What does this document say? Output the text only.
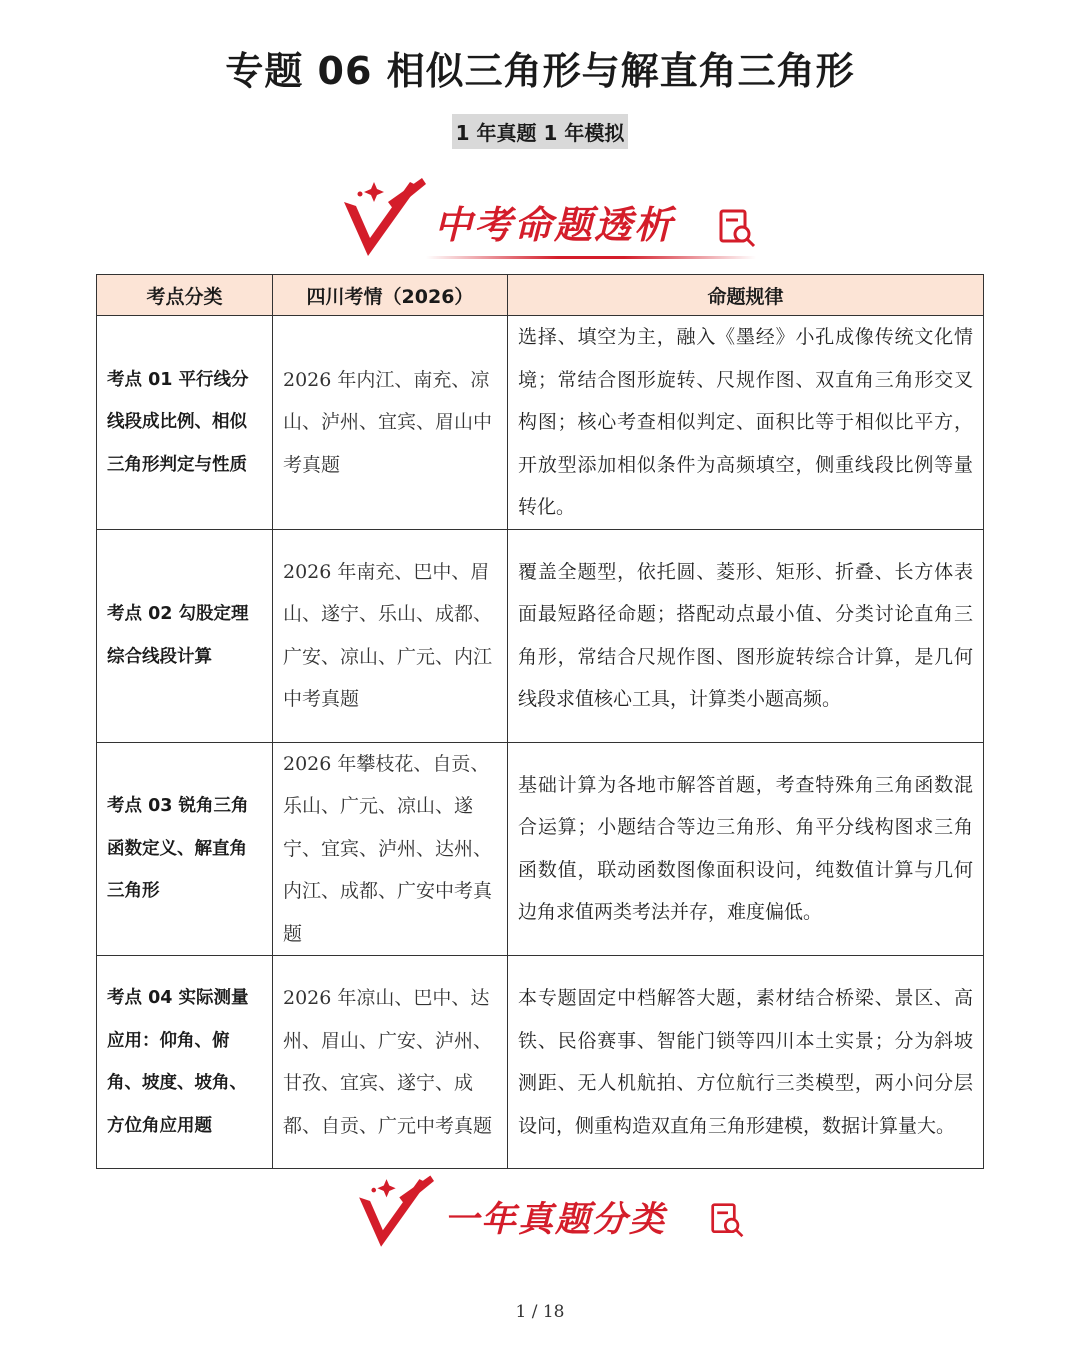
专题 06 相似三角形与解直角三角形
1 年真题 1 年模拟
中考命题透析
考点分类	四川考情（2026）	命题规律
考点 01 平行线分线段成比例、相似三角形判定与性质	2026 年内江、南充、凉山、泸州、宜宾、眉山中考真题	选择、填空为主，融入《墨经》小孔成像传统文化情境；常结合图形旋转、尺规作图、双直角三角形交叉构图；核心考查相似判定、面积比等于相似比平方，开放型添加相似条件为高频填空，侧重线段比例等量转化。
考点 02 勾股定理综合线段计算	2026 年南充、巴中、眉山、遂宁、乐山、成都、广安、凉山、广元、内江中考真题	覆盖全题型，依托圆、菱形、矩形、折叠、长方体表面最短路径命题；搭配动点最小值、分类讨论直角三角形，常结合尺规作图、图形旋转综合计算，是几何线段求值核心工具，计算类小题高频。
考点 03 锐角三角函数定义、解直角三角形	2026 年攀枝花、自贡、乐山、广元、凉山、遂宁、宜宾、泸州、达州、内江、成都、广安中考真题	基础计算为各地市解答首题，考查特殊角三角函数混合运算；小题结合等边三角形、角平分线构图求三角函数值，联动函数图像面积设问，纯数值计算与几何边角求值两类考法并存，难度偏低。
考点 04 实际测量应用：仰角、俯角、坡度、坡角、方位角应用题	2026 年凉山、巴中、达州、眉山、广安、泸州、甘孜、宜宾、遂宁、成都、自贡、广元中考真题	本专题固定中档解答大题，素材结合桥梁、景区、高铁、民俗赛事、智能门锁等四川本土实景；分为斜坡测距、无人机航拍、方位航行三类模型，两小问分层设问，侧重构造双直角三角形建模，数据计算量大。
一年真题分类
1 / 18
